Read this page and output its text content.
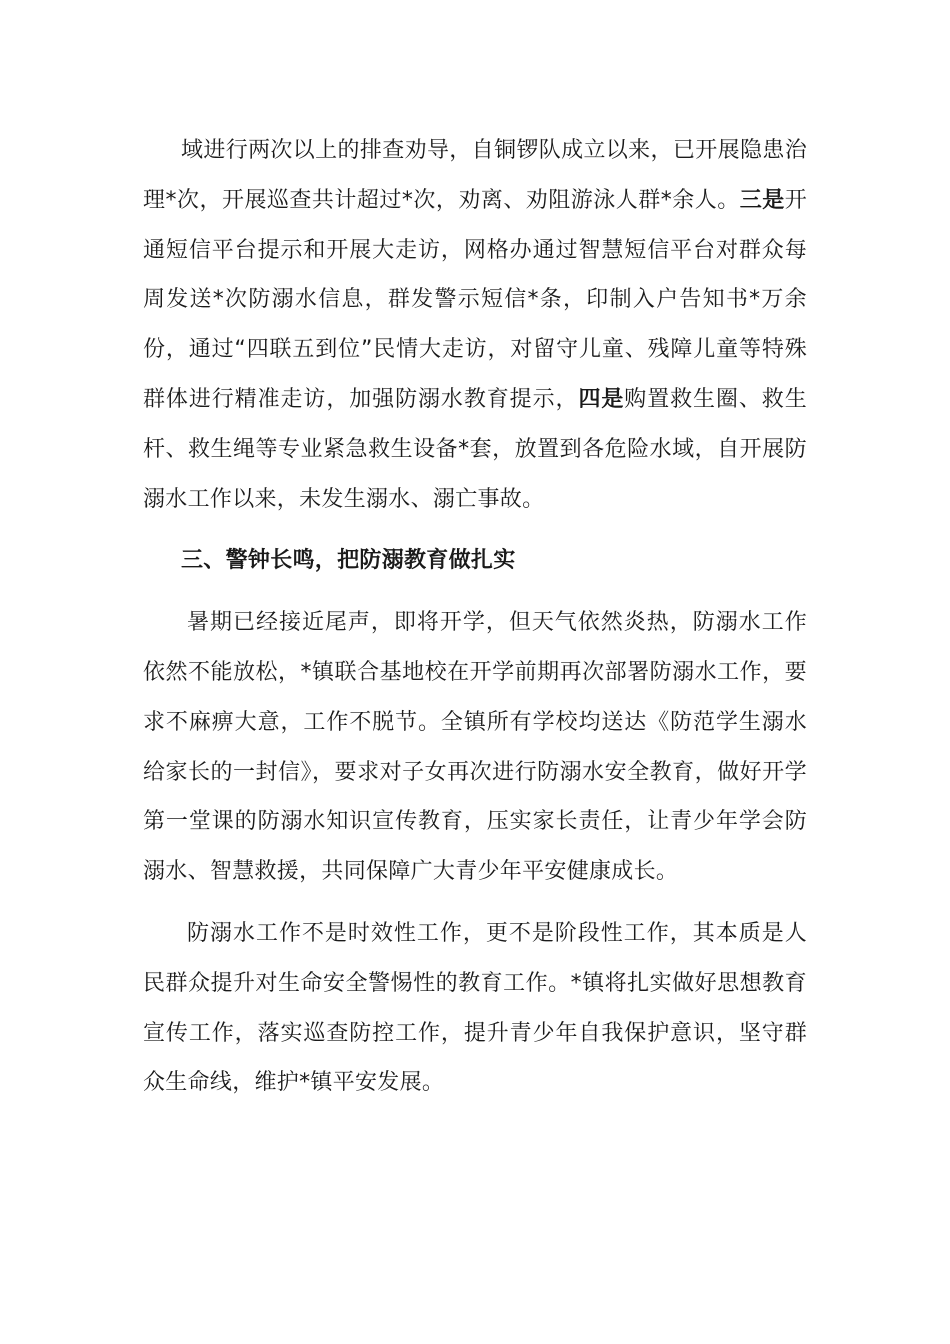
域进行两次以上的排查劝导，自铜锣队成立以来，已开展隐患治理*次，开展巡查共计超过*次，劝离、劝阻游泳人群*余人。三是开通短信平台提示和开展大走访，网格办通过智慧短信平台对群众每周发送*次防溺水信息，群发警示短信*条，印制入户告知书*万余份，通过“四联五到位”民情大走访，对留守儿童、残障儿童等特殊群体进行精准走访，加强防溺水教育提示，四是购置救生圈、救生杆、救生绳等专业紧急救生设备*套，放置到各危险水域，自开展防溺水工作以来，未发生溺水、溺亡事故。

三、警钟长鸣，把防溺教育做扎实

暑期已经接近尾声，即将开学，但天气依然炎热，防溺水工作依然不能放松，*镇联合基地校在开学前期再次部署防溺水工作，要求不麻痹大意，工作不脱节。全镇所有学校均送达《防范学生溺水给家长的一封信》，要求对子女再次进行防溺水安全教育，做好开学第一堂课的防溺水知识宣传教育，压实家长责任，让青少年学会防溺水、智慧救援，共同保障广大青少年平安健康成长。

防溺水工作不是时效性工作，更不是阶段性工作，其本质是人民群众提升对生命安全警惕性的教育工作。*镇将扎实做好思想教育宣传工作，落实巡查防控工作，提升青少年自我保护意识，坚守群众生命线，维护*镇平安发展。
